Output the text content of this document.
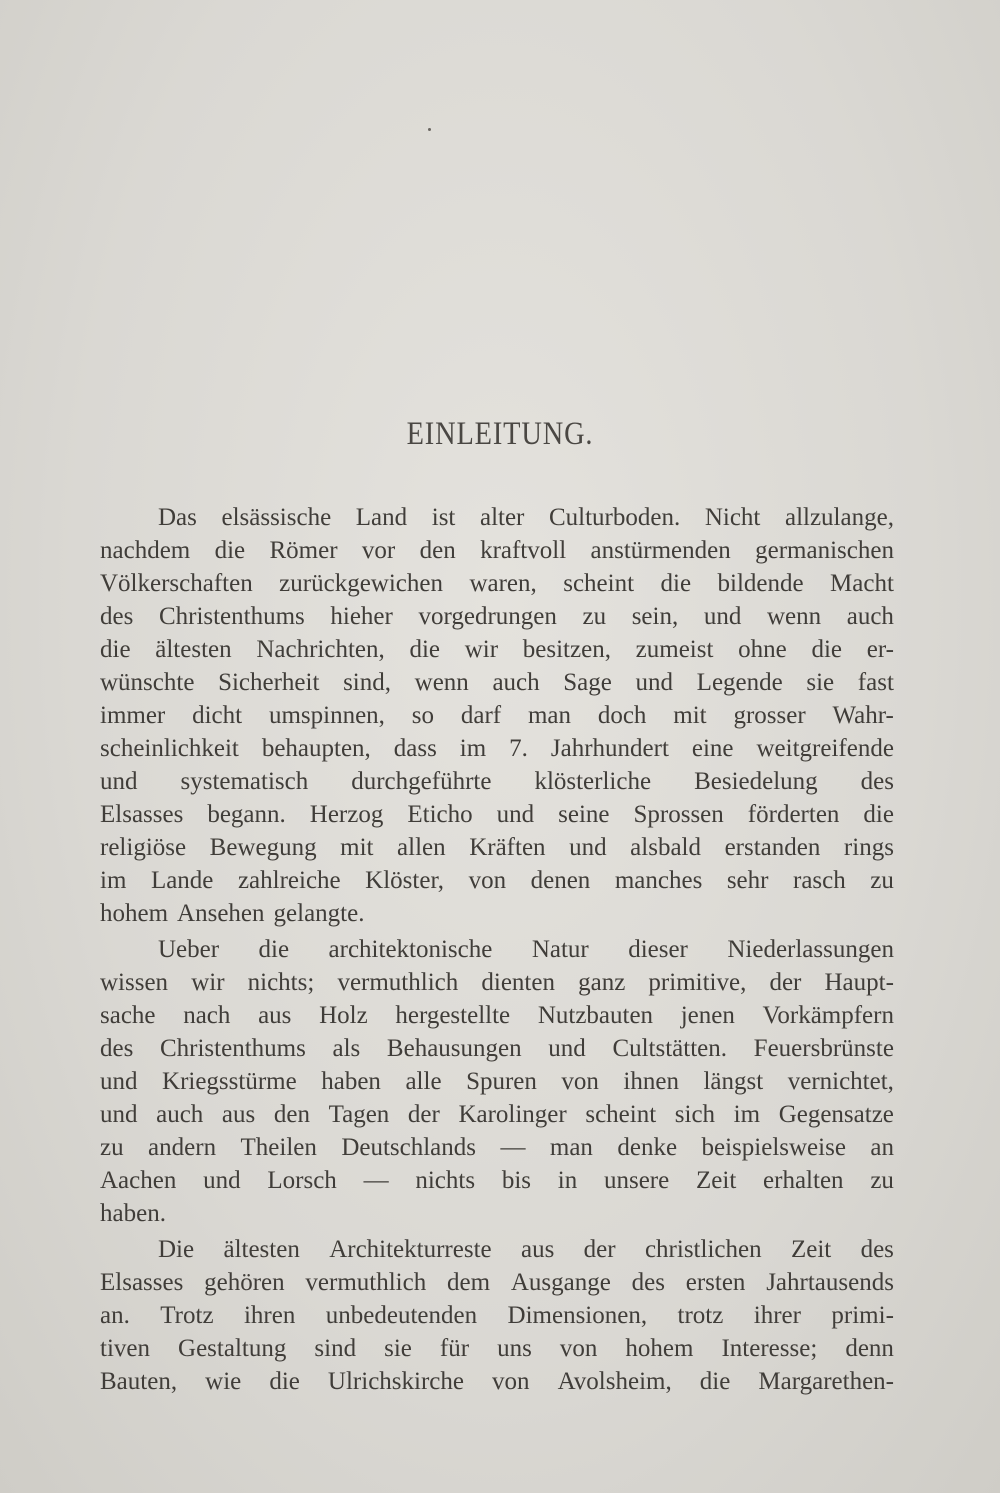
EINLEITUNG.
Das elsässische Land ist alter Culturboden. Nicht allzulange,
nachdem die Römer vor den kraftvoll anstürmenden germanischen
Völkerschaften zurückgewichen waren, scheint die bildende Macht
des Christenthums hieher vorgedrungen zu sein, und wenn auch
die ältesten Nachrichten, die wir besitzen, zumeist ohne die er-
wünschte Sicherheit sind, wenn auch Sage und Legende sie fast
immer dicht umspinnen, so darf man doch mit grosser Wahr-
scheinlichkeit behaupten, dass im 7. Jahrhundert eine weitgreifende
und systematisch durchgeführte klösterliche Besiedelung des
Elsasses begann. Herzog Eticho und seine Sprossen förderten die
religiöse Bewegung mit allen Kräften und alsbald erstanden rings
im Lande zahlreiche Klöster, von denen manches sehr rasch zu
hohem Ansehen gelangte.
Ueber die architektonische Natur dieser Niederlassungen
wissen wir nichts; vermuthlich dienten ganz primitive, der Haupt-
sache nach aus Holz hergestellte Nutzbauten jenen Vorkämpfern
des Christenthums als Behausungen und Cultstätten. Feuersbrünste
und Kriegsstürme haben alle Spuren von ihnen längst vernichtet,
und auch aus den Tagen der Karolinger scheint sich im Gegensatze
zu andern Theilen Deutschlands — man denke beispielsweise an
Aachen und Lorsch — nichts bis in unsere Zeit erhalten zu
haben.
Die ältesten Architekturreste aus der christlichen Zeit des
Elsasses gehören vermuthlich dem Ausgange des ersten Jahrtausends
an. Trotz ihren unbedeutenden Dimensionen, trotz ihrer primi-
tiven Gestaltung sind sie für uns von hohem Interesse; denn
Bauten, wie die Ulrichskirche von Avolsheim, die Margarethen-
